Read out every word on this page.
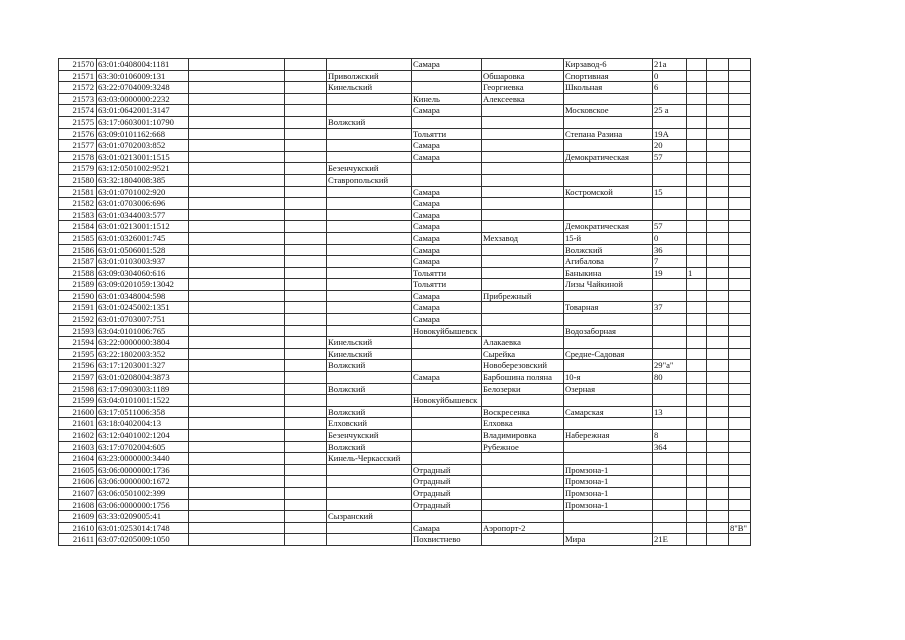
21570	63:01:0408004:1181				Самара		Кирзавод-6	21а			
21571	63:30:0106009:131			Приволжский		Обшаровка	Спортивная	0			
21572	63:22:0704009:3248			Кинельский		Георгиевка	Школьная	6			
21573	63:03:0000000:2232				Кинель	Алексеевка					
21574	63:01:0642001:3147				Самара		Московское	25 а			
21575	63:17:0603001:10790			Волжский							
21576	63:09:0101162:668				Тольятти		Степана Разина	19А			
21577	63:01:0702003:852				Самара			20			
21578	63:01:0213001:1515				Самара		Демократическая	57			
21579	63:12:0501002:9521			Безенчукский							
21580	63:32:1804008:385			Ставропольский							
21581	63:01:0701002:920				Самара		Костромской	15			
21582	63:01:0703006:696				Самара						
21583	63:01:0344003:577				Самара						
21584	63:01:0213001:1512				Самара		Демократическая	57			
21585	63:01:0326001:745				Самара	Мехзавод	15-й	0			
21586	63:01:0506001:528				Самара		Волжский	36			
21587	63:01:0103003:937				Самара		Агибалова	7			
21588	63:09:0304060:616				Тольятти		Баныкина	19	1		
21589	63:09:0201059:13042				Тольятти		Лизы Чайкиной				
21590	63:01:0348004:598				Самара	Прибрежный					
21591	63:01:0245002:1351				Самара		Товарная	37			
21592	63:01:0703007:751				Самара						
21593	63:04:0101006:765				Новокуйбышевск		Водозаборная				
21594	63:22:0000000:3804			Кинельский		Алакаевка					
21595	63:22:1802003:352			Кинельский		Сырейка	Средне-Садовая				
21596	63:17:1203001:327			Волжский		Новоберезовский		29"а"			
21597	63:01:0208004:3873				Самара	Барбошина поляна	10-я	80			
21598	63:17:0903003:1189			Волжский		Белозерки	Озерная				
21599	63:04:0101001:1522				Новокуйбышевск						
21600	63:17:0511006:358			Волжский		Воскресенка	Самарская	13			
21601	63:18:0402004:13			Елховский		Елховка					
21602	63:12:0401002:1204			Безенчукский		Владимировка	Набережная	8			
21603	63:17:0702004:605			Волжский		Рубежное		364			
21604	63:23:0000000:3440			Кинель-Черкасский							
21605	63:06:0000000:1736				Отрадный		Промзона-1				
21606	63:06:0000000:1672				Отрадный		Промзона-1				
21607	63:06:0501002:399				Отрадный		Промзона-1				
21608	63:06:0000000:1756				Отрадный		Промзона-1				
21609	63:33:0209005:41			Сызранский							
21610	63:01:0253014:1748				Самара	Аэропорт-2					8"В"
21611	63:07:0205009:1050				Похвистнево		Мира	21Е			
